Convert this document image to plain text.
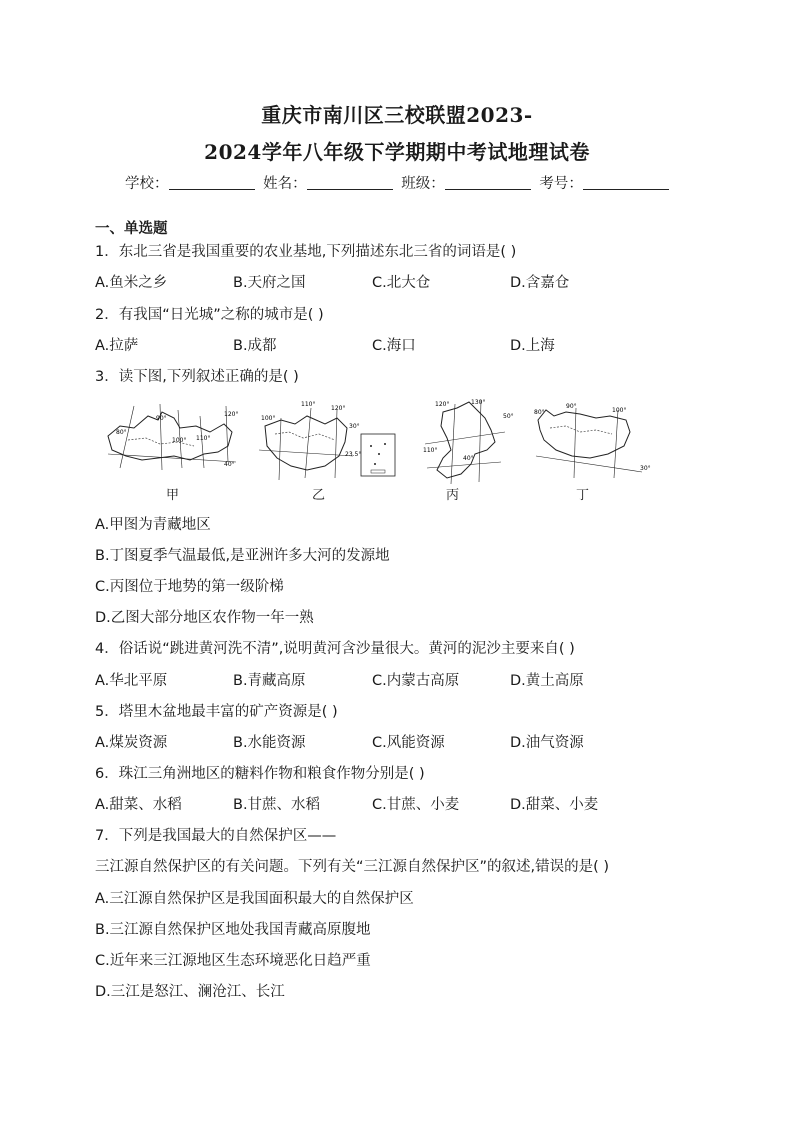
重庆市南川区三校联盟2023-
2024学年八年级下学期期中考试地理试卷
学校：	姓名：	班级：	考号：
一、单选题
1．东北三省是我国重要的农业基地,下列描述东北三省的词语是( )
A.鱼米之乡	B.天府之国	C.北大仓	D.含嘉仓
2．有我国“日光城”之称的城市是( )
A.拉萨	B.成都	C.海口	D.上海
3．读下图,下列叙述正确的是( )
80°
90°
100° 110°
120°
40°
110°
120°
100°
30°
23.5°
120°	130°
50°
110°
40°
90°
100°
80°
30°
甲	乙	丙	丁
A.甲图为青藏地区
B.丁图夏季气温最低,是亚洲许多大河的发源地
C.丙图位于地势的第一级阶梯
D.乙图大部分地区农作物一年一熟
4．俗话说“跳进黄河洗不清”,说明黄河含沙量很大。黄河的泥沙主要来自( )
A.华北平原	B.青藏高原	C.内蒙古高原	D.黄土高原
5．塔里木盆地最丰富的矿产资源是( )
A.煤炭资源	B.水能资源	C.风能资源	D.油气资源
6．珠江三角洲地区的糖料作物和粮食作物分别是( )
A.甜菜、水稻	B.甘蔗、水稻	C.甘蔗、小麦	D.甜菜、小麦
7．下列是我国最大的自然保护区——
三江源自然保护区的有关问题。下列有关“三江源自然保护区”的叙述,错误的是( )
A.三江源自然保护区是我国面积最大的自然保护区
B.三江源自然保护区地处我国青藏高原腹地
C.近年来三江源地区生态环境恶化日趋严重
D.三江是怒江、澜沧江、长江
